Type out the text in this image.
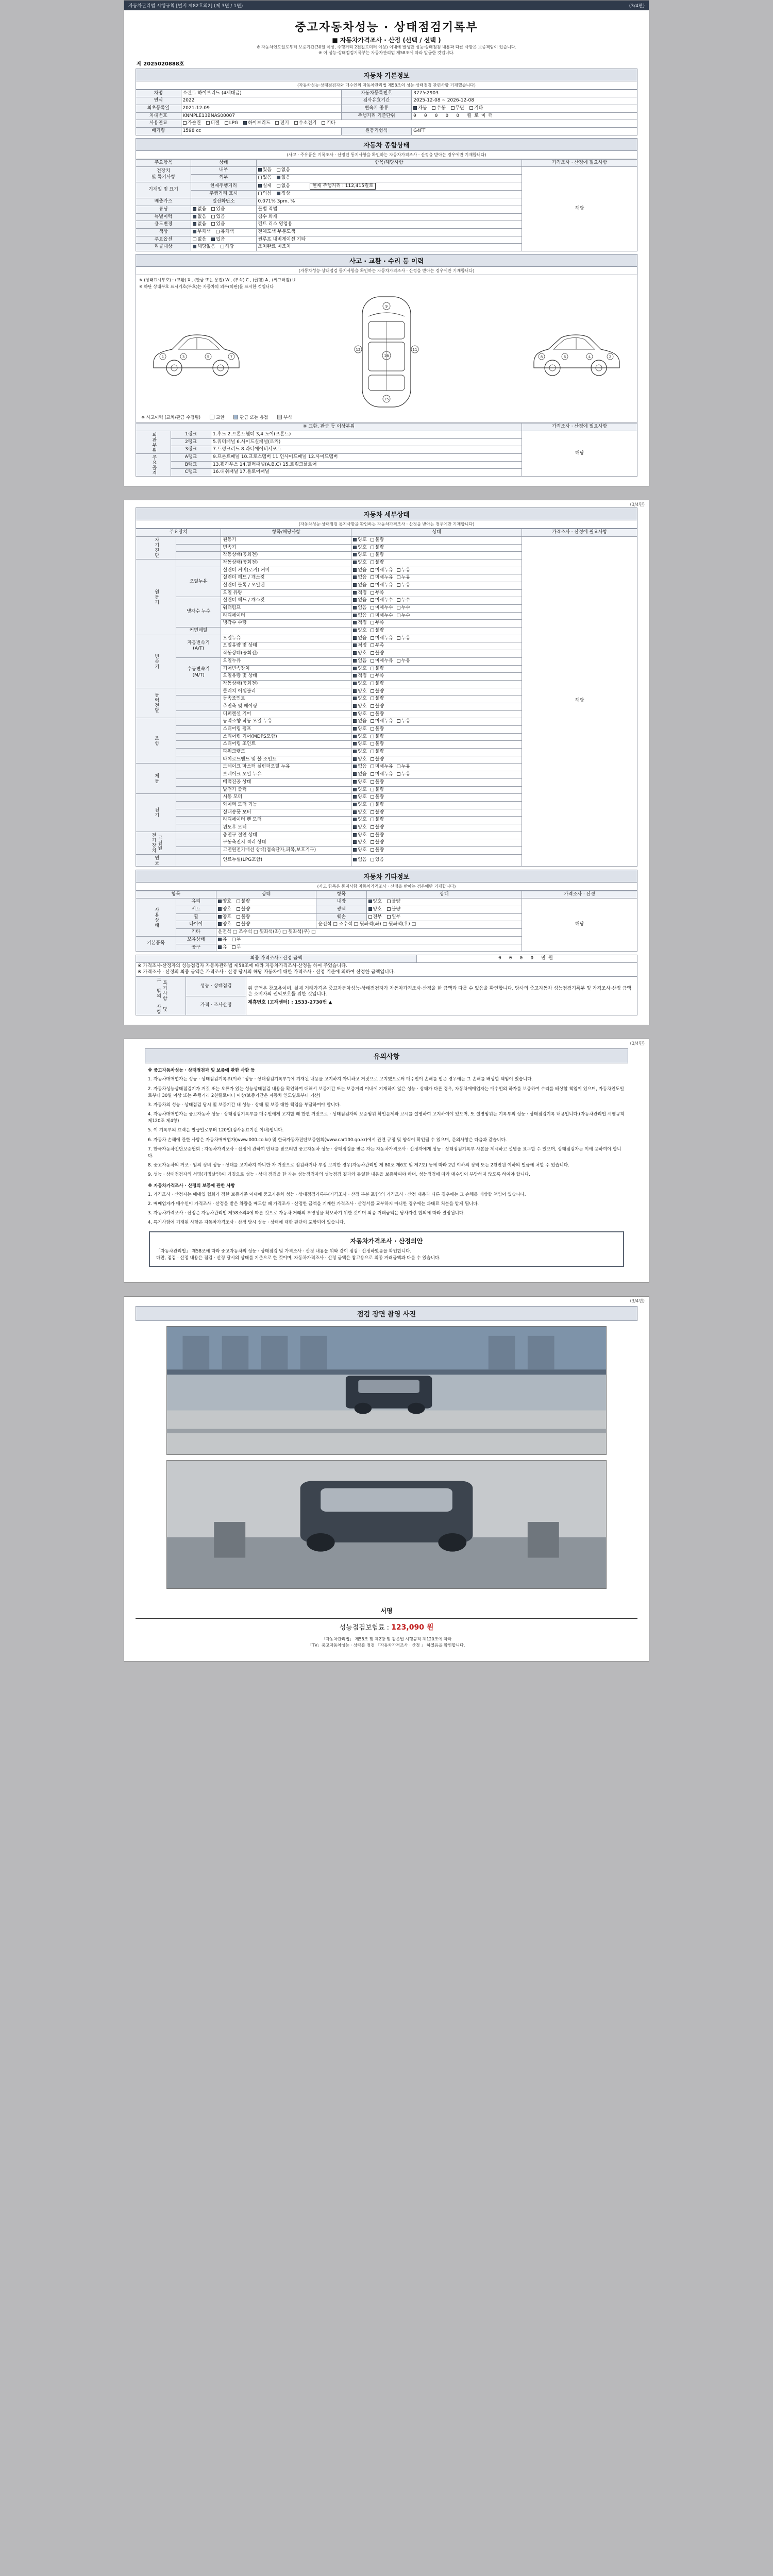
자동차관리법 시행규칙 [별지 제82호의2] (제 3면 / 1면)	(3/4면)
중고자동차성능 · 상태점검기록부
■ 자동차가격조사 · 산정 (선택 / 선택 )
※ 자동차인도일로부터 보증기간(30일 이상, 주행거리 2천킬로미터 이상) 이내에 발생한 성능·상태점검 내용과 다른 사항은 보증책임이 있습니다.
※ 이 성능·상태점검기록부는 자동차관리법 제58조에 따라 발급한 것입니다.
제 2025020888호
자동차 기본정보
(자동차성능·상태점검자와 매수인의 자동차관리법 제58조의 성능·상태점검 관련사항 기재했습니다)
차명	쏘렌토 하이브리드 (4세대급)	자동차등록번호	377노2903
연식	2022	검사유효기간	2025-12-08 ~ 2026-12-08
최초등록일	2021-12-09	변속기 종류	자동 수동 무단 기타
차대번호	KNMPLE13BNAS00007	주행거리 기준단위	0 0 0 0 0 킬로미터
사용연료	가솔린 디젤 LPG 하이브리드 전기 수소전기 기타		
배기량	1598 cc	원동기형식	G4FT
자동차 종합상태
(사고 · 주유품은 기록조사 · 산정인 통지사항을 확인하는 자동차가격조사 · 산정을 받아는 경우에만 기재합니다)
주요항목	상태	항목/해당사항	가격조사 · 산정에 필요사항
전장치
및 특기사항	내부	있음 없음	해당
	외부	있음 없음	
기재일 및 표기	현재주행거리	실제 없음 현재 주행거리 : 112,415킬로	
	주행거리 표시	의심 정상	
배출가스	일산화탄소	0.071% 3pm. %	
튜닝	없음 있음	불법 적법	
특별이력	없음 있음	침수 화재	
용도변경	없음 있음	렌트 리스 영업용	
색상	무채색 유채색	전체도색 부분도색	
주요옵션	없음 있음	썬루프 내비게이션 기타	
리콜대상	해당없음 해당	조치완료 미조치	
사고 · 교환 · 수리 등 이력
(자동차성능·상태점검 통지사항을 확인하는 자동차가격조사 · 산정을 받아는 경우에만 기재합니다)
※ (상태표시부호) : (교환) X , (판금 또는 용접) W , (부식) C , (긁힘) A , (찌그러짐) U
※ 하단 상태부호 표시기호(부호)는 자동차의 외부(외판)를 표시한 것입니다
1	3	5	7	16
9
15
12	11
2
4
6
8
※ 사고이력 (교차/판금 수정됨)	교환	판금 또는 용접	부식
※ 교환, 판금 등 이상부위			가격조사 · 산정에 필요사항
외판부위	1랭크	1.후드 2.프론트휀더 3,4.도어(프론트)	해당
	2랭크	5.쿼터패널 6.사이드실패널(로커)	
	3랭크	7.트렁크리드 8.라디에이터서포트	
주요골격	A랭크	9.프론트패널 10.크로스멤버 11.인사이드패널 12.사이드멤버	
	B랭크	13.휠하우스 14.필러패널(A,B,C) 15.트렁크플로어	
	C랭크	16.대쉬패널 17.플로어패널	
(3/4면)
자동차 세부상태
(자동차성능·상태점검 통지사항을 확인하는 자동차가격조사 · 산정을 받아는 경우에만 기재합니다)
주요장치		항목/해당사항	상태	가격조사 · 산정에 필요사항
자기진단		원동기	양호 불량	해당
		변속기	양호 불량	
		작동상태(공회전)	양호 불량	
원동기		작동상태(공회전)	양호 불량	
	오일누유	실린더 커버(로커) 커버	없음 미세누유 누유	
		실린더 헤드 / 개스킷	없음 미세누유 누유	
		실린더 블록 / 오일팬	없음 미세누유 누유	
		오일 유량	적정 부족	
	냉각수 누수	실린더 헤드 / 개스킷	없음 미세누수 누수	
		워터펌프	없음 미세누수 누수	
		라디에이터	없음 미세누수 누수	
		냉각수 수량	적정 부족	
	커먼레일		양호 불량	
변속기	자동변속기
(A/T)	오일누유	없음 미세누유 누유	
		오일유량 및 상태	적정 부족	
		작동상태(공회전)	양호 불량	
	수동변속기
(M/T)	오일누유	없음 미세누유 누유	
		기어변속장치	양호 불량	
		오일유량 및 상태	적정 부족	
		작동상태(공회전)	양호 불량	
동력전달		클러치 어셈블리	양호 불량	
		등속조인트	양호 불량	
		추진축 및 베어링	양호 불량	
		디퍼렌셜 기어	양호 불량	
조향		동력조향 작동 오일 누유	없음 미세누유 누유	
		스티어링 펌프	양호 불량	
		스티어링 기어(MDPS포함)	양호 불량	
		스티어링 조인트	양호 불량	
		파워크랭크	양호 불량	
		타이로드엔드 및 볼 조인트	양호 불량	
제동		브레이크 마스터 실린더오일 누유	없음 미세누유 누유	
		브레이크 오일 누유	없음 미세누유 누유	
		베력진공 상태	양호 불량	
		발전기 출력	양호 불량	
전기		시동 모터	양호 불량	
		와이퍼 모터 기능	양호 불량	
		실내송풍 모터	양호 불량	
		라디에이터 팬 모터	양호 불량	
		윈도우 모터	양호 불량	
고전원
전기장치		충전구 절연 상태	양호 불량	
		구동축전지 격리 상태	양호 불량	
		고전원전기배선 상태(접속단자,피복,보호기구)	양호 불량	
연료		연료누설(LPG포함)	없음 있음	
자동차 기타정보
(사고 항목은 통지사항 자동차가격조사 · 산정을 받아는 경우에만 기재합니다)
항목		상태	항목	상태	가격조사 · 산정
사용상태	유리	양호 불량	내장	양호 불량	해당
	시트	양호 불량	광택	양호 불량	
	휠	양호 불량	훼손	전부 일부	
	타이어	양호 불량	운전석 □ 조수석 □ 뒷좌석(좌) □ 뒷좌석(우) □		
	기타	운전석 □ 조수석 □ 뒷좌석(좌) □ 뒷좌석(우) □			
기본품목	보유상태	유 무			
	공구	유 무			
최종 가격조사 · 산정 금액	0 0 0 0 만원

※ 가격조사·산정자의 성능점검자 자동차관리법 제58조에 따라 자동차가격조사·산정을 하여 주었습니다.
※ 가격조사 · 산정의 최종 금액은 가격조사 · 산정 당시의 해당 자동차에 대한 가격조사 · 산정 기준에 의하여 산정한 금액입니다.
특기사항 및
그 밖의 사항	성능 · 상태점검	
위 금액은 참고용이며, 실제 거래가격은 중고자동차성능·상태점검자가 자동차가격조사·산정을 한 금액과 다를 수 있음을 확인합니다. 당사의 중고자동차 성능점검기록부 및 가격조사·산정 금액은 소비자의 권익보호를 위한 것입니다.
제휴번호 (고객센터) : 1533-2730번 ▲

가격 · 조사산정
(3/4면)
유의사항
※ 중고자동차성능 · 상태점검과 및 보증에 관한 사항 등

1. 자동차매매업자는 성능 · 상태점검기록부(이하 "성능 · 상태점검기록부")에 기재된 내용을 고지하지 아니하고 거짓으로 고지했으로써 매수인이 손해를 입은 경우에는 그 손해를 배상할 책임이 있습니다.

2. 자동차성능상태점검기가 거짓 또는 오류가 있는 성능상태점검 내용을 확인하여 대해서 보증기간 또는 보증거리 이내에 기재하지 않은 성능 · 상태가 다른 경우, 자동차매매업자는 매수인의 하자를 보증하여 수리를 배상할 책임이 있으며, 자동차인도일로부터 30일 이상 또는 주행거리 2천킬로미터 이상(보증기간은 자동차 인도일로부터 기산)

3. 자동차의 성능 · 상태점검 당시 및 보증기간 내 성능 · 상태 및 보증 대한 책임을 부담하여야 합니다.

4. 자동차매매업자는 중고자동차 성능 · 상태점검기록부를 매수인에게 고지할 때 한편 거짓으로 · 상태점검자의 보증범위 확인문제와 고시를 설명하여 고지하여야 있으며, 또 설명범위는 기록부의 성능 · 상태점검기록 내용입니다.(자동차관리법 시행규칙 제120조 제4항)

5. 이 기록부의 효력은 발급일로부터 120일(검사유효기간 이내)입니다.

6. 자동차 손해에 관한 사항은 자동차매매업자(www.000.co.kr) 및 한국자동차진단보증협회(www.car100.go.kr)에서 관련 규정 및 양식이 확인될 수 있으며, 문의사항은 다음과 같습니다.

7. 한국자동차진단보증협회 : 자동차가격조사 · 산정에 관하여 안내를 받으려면 중고자동차 성능 · 상태점검을 받은 자는 자동차가격조사 · 산정자에게 성능 · 상태점검기록부 사본을 제시하고 설명을 요구할 수 있으며, 상태점검자는 이에 응하여야 합니다.

8. 중고자동차의 거조 · 임의 정비 성능 · 상태를 고지하지 아니한 자 거짓으로 점검하거나 부정 고지한 경우(자동차관리법 제 80조 제6호 및 제7호) 등에 따라 2년 이하의 징역 또는 2천만원 이하의 벌금에 처할 수 있습니다.

9. 성능 · 상태점검자의 서명(기명날인)이 거짓으로 성능 · 상태 점검을 한 자는 성능점검자의 성능점검 결과와 동일한 내용을 보증하여야 하며, 성능점검에 따라 매수인이 부담하지 않도록 하여야 합니다.

※ 자동차가격조사 · 산정의 보증에 관한 사항

1. 가격조사 · 산정자는 매매업 협회가 정한 보증기준 이내에 중고자동차 성능 · 상태점검기록부(가격조사 · 산정 부분 포함)의 가격조사 · 산정 내용과 다른 경우에는 그 손해를 배상할 책임이 있습니다.

2. 매매업자가 매수인이 가격조사 · 산정을 받은 차량을 매도할 때 가격조사 · 산정한 금액을 기재한 가격조사 · 산정서를 교부하지 아니한 경우에는 과태료 처분을 받게 됩니다.

3. 자동차가격조사 · 산정은 자동차관리법 제58조의4에 따른 것으로 자동차 거래의 투명성을 확보하기 위한 것이며 최종 거래금액은 당사자간 합의에 따라 결정됩니다.

4. 특기사항에 기재된 사항은 자동차가격조사 · 산정 당시 성능 · 상태에 대한 판단이 포함되어 있습니다.

자동차가격조사 · 산정의안
「자동차관리법」 제58조에 따라 중고자동차의 성능 · 상태점검 및 가격조사 · 산정 내용을 위와 같이 점검 · 산정하였음을 확인합니다.
다만, 점검 · 산정 내용은 점검 · 산정 당시의 상태를 기준으로 한 것이며, 자동차가격조사 · 산정 금액은 참고용으로 최종 거래금액과 다를 수 있습니다.
(3/4면)
점검 장면 촬영 사진
서명
성능점검보험료 : 123,090 원
「자동차관리법」 제58조 및 제2항 및 같은법 시행규칙 제120조에 따라
「TV」중고자동차성능 · 상태를 점검 「자동차가격조사 · 산정 」 하였음을 확인합니다.
